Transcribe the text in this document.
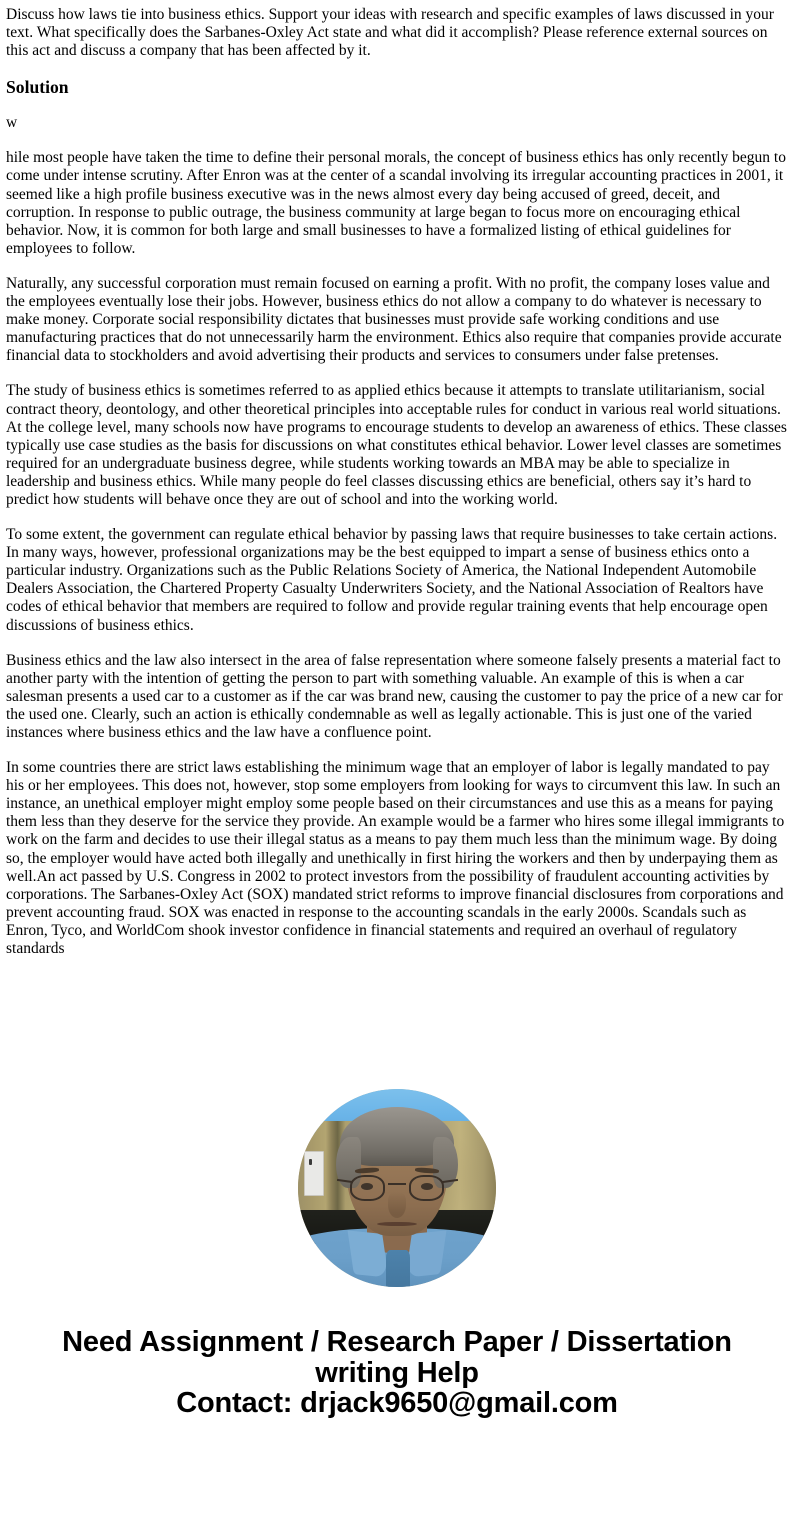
Discuss how laws tie into business ethics. Support your ideas with research and specific examples of laws discussed in your text. What specifically does the Sarbanes-Oxley Act state and what did it accomplish? Please reference external sources on this act and discuss a company that has been affected by it.

Solution

w

hile most people have taken the time to define their personal morals, the concept of business ethics has only recently begun to come under intense scrutiny. After Enron was at the center of a scandal involving its irregular accounting practices in 2001, it seemed like a high profile business executive was in the news almost every day being accused of greed, deceit, and corruption. In response to public outrage, the business community at large began to focus more on encouraging ethical behavior. Now, it is common for both large and small businesses to have a formalized listing of ethical guidelines for employees to follow.

Naturally, any successful corporation must remain focused on earning a profit. With no profit, the company loses value and the employees eventually lose their jobs. However, business ethics do not allow a company to do whatever is necessary to make money. Corporate social responsibility dictates that businesses must provide safe working conditions and use manufacturing practices that do not unnecessarily harm the environment. Ethics also require that companies provide accurate financial data to stockholders and avoid advertising their products and services to consumers under false pretenses.

The study of business ethics is sometimes referred to as applied ethics because it attempts to translate utilitarianism, social contract theory, deontology, and other theoretical principles into acceptable rules for conduct in various real world situations. At the college level, many schools now have programs to encourage students to develop an awareness of ethics. These classes typically use case studies as the basis for discussions on what constitutes ethical behavior. Lower level classes are sometimes required for an undergraduate business degree, while students working towards an MBA may be able to specialize in leadership and business ethics. While many people do feel classes discussing ethics are beneficial, others say it’s hard to predict how students will behave once they are out of school and into the working world.

To some extent, the government can regulate ethical behavior by passing laws that require businesses to take certain actions. In many ways, however, professional organizations may be the best equipped to impart a sense of business ethics onto a particular industry. Organizations such as the Public Relations Society of America, the National Independent Automobile Dealers Association, the Chartered Property Casualty Underwriters Society, and the National Association of Realtors have codes of ethical behavior that members are required to follow and provide regular training events that help encourage open discussions of business ethics.

Business ethics and the law also intersect in the area of false representation where someone falsely presents a material fact to another party with the intention of getting the person to part with something valuable. An example of this is when a car salesman presents a used car to a customer as if the car was brand new, causing the customer to pay the price of a new car for the used one. Clearly, such an action is ethically condemnable as well as legally actionable. This is just one of the varied instances where business ethics and the law have a confluence point.

In some countries there are strict laws establishing the minimum wage that an employer of labor is legally mandated to pay his or her employees. This does not, however, stop some employers from looking for ways to circumvent this law. In such an instance, an unethical employer might employ some people based on their circumstances and use this as a means for paying them less than they deserve for the service they provide. An example would be a farmer who hires some illegal immigrants to work on the farm and decides to use their illegal status as a means to pay them much less than the minimum wage. By doing so, the employer would have acted both illegally and unethically in first hiring the workers and then by underpaying them as well.An act passed by U.S. Congress in 2002 to protect investors from the possibility of fraudulent accounting activities by corporations. The Sarbanes-Oxley Act (SOX) mandated strict reforms to improve financial disclosures from corporations and prevent accounting fraud. SOX was enacted in response to the accounting scandals in the early 2000s. Scandals such as Enron, Tyco, and WorldCom shook investor confidence in financial statements and required an overhaul of regulatory standards

Need Assignment / Research Paper / Dissertation
writing Help
Contact: drjack9650@gmail.com
